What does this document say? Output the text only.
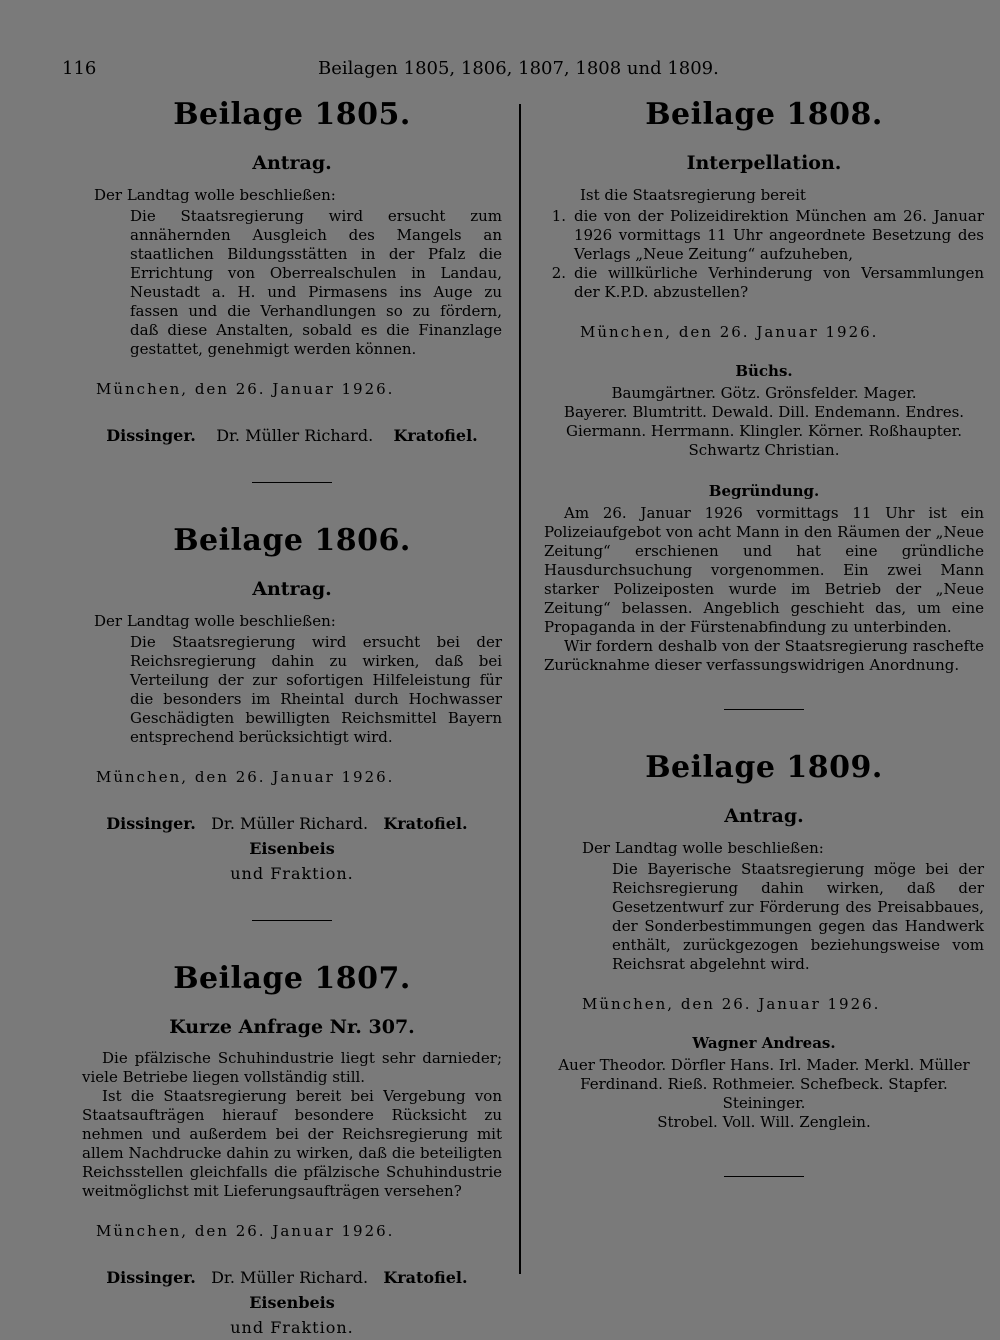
116	Beilagen 1805, 1806, 1807, 1808 und 1809.
Beilage 1805.
Antrag.

Der Landtag wolle beschließen:

Die Staatsregierung wird ersucht zum annähernden Ausgleich des Mangels an staatlichen Bildungsstätten in der Pfalz die Errichtung von Oberrealschulen in Landau, Neustadt a. H. und Pirmasens ins Auge zu fassen und die Verhandlungen so zu fördern, daß diese Anstalten, sobald es die Finanzlage gestattet, genehmigt werden können.

München, den 26. Januar 1926.

Dissinger. Dr. Müller Richard. Kratofiel.
Beilage 1806.
Antrag.

Der Landtag wolle beschließen:

Die Staatsregierung wird ersucht bei der Reichsregierung dahin zu wirken, daß bei Verteilung der zur sofortigen Hilfeleistung für die besonders im Rheintal durch Hochwasser Geschädigten bewilligten Reichsmittel Bayern entsprechend berücksichtigt wird.

München, den 26. Januar 1926.

Dissinger. Dr. Müller Richard. Kratofiel.   Eisenbeis
und Fraktion.
Beilage 1807.
Kurze Anfrage Nr. 307.

Die pfälzische Schuhindustrie liegt sehr darnieder; viele Betriebe liegen vollständig still.

Ist die Staatsregierung bereit bei Vergebung von Staatsaufträgen hierauf besondere Rücksicht zu nehmen und außerdem bei der Reichsregierung mit allem Nachdrucke dahin zu wirken, daß die beteiligten Reichsstellen gleichfalls die pfälzische Schuhindustrie weitmöglichst mit Lieferungsaufträgen versehen?

München, den 26. Januar 1926.

Dissinger. Dr. Müller Richard. Kratofiel.   Eisenbeis
und Fraktion.
Beilage 1808.
Interpellation.

Ist die Staatsregierung bereit

1. die von der Polizeidirektion München am 26. Januar 1926 vormittags 11 Uhr angeordnete Besetzung des Verlags „Neue Zeitung“ aufzuheben,
2. die willkürliche Verhinderung von Versammlungen der K.P.D. abzustellen?

München, den 26. Januar 1926.

Büchs.
Baumgärtner. Götz. Grönsfelder. Mager.
Bayerer. Blumtritt. Dewald. Dill. Endemann. Endres.
Giermann. Herrmann. Klingler. Körner. Roßhaupter.
Schwartz Christian.
Begründung.

Am 26. Januar 1926 vormittags 11 Uhr ist ein Polizeiaufgebot von acht Mann in den Räumen der „Neue Zeitung“ erschienen und hat eine gründliche Hausdurchsuchung vorgenommen. Ein zwei Mann starker Polizeiposten wurde im Betrieb der „Neue Zeitung“ belassen. Angeblich geschieht das, um eine Propaganda in der Fürstenabfindung zu unterbinden.

Wir fordern deshalb von der Staatsregierung raschefte Zurücknahme dieser verfassungswidrigen Anordnung.

Beilage 1809.
Antrag.

Der Landtag wolle beschließen:

Die Bayerische Staatsregierung möge bei der Reichsregierung dahin wirken, daß der Gesetzentwurf zur Förderung des Preisabbaues, der Sonderbestimmungen gegen das Handwerk enthält, zurückgezogen beziehungsweise vom Reichsrat abgelehnt wird.

München, den 26. Januar 1926.

Wagner Andreas.
Auer Theodor. Dörfler Hans. Irl. Mader. Merkl. Müller
Ferdinand. Rieß. Rothmeier. Schefbeck. Stapfer. Steininger.
Strobel. Voll. Will. Zenglein.
